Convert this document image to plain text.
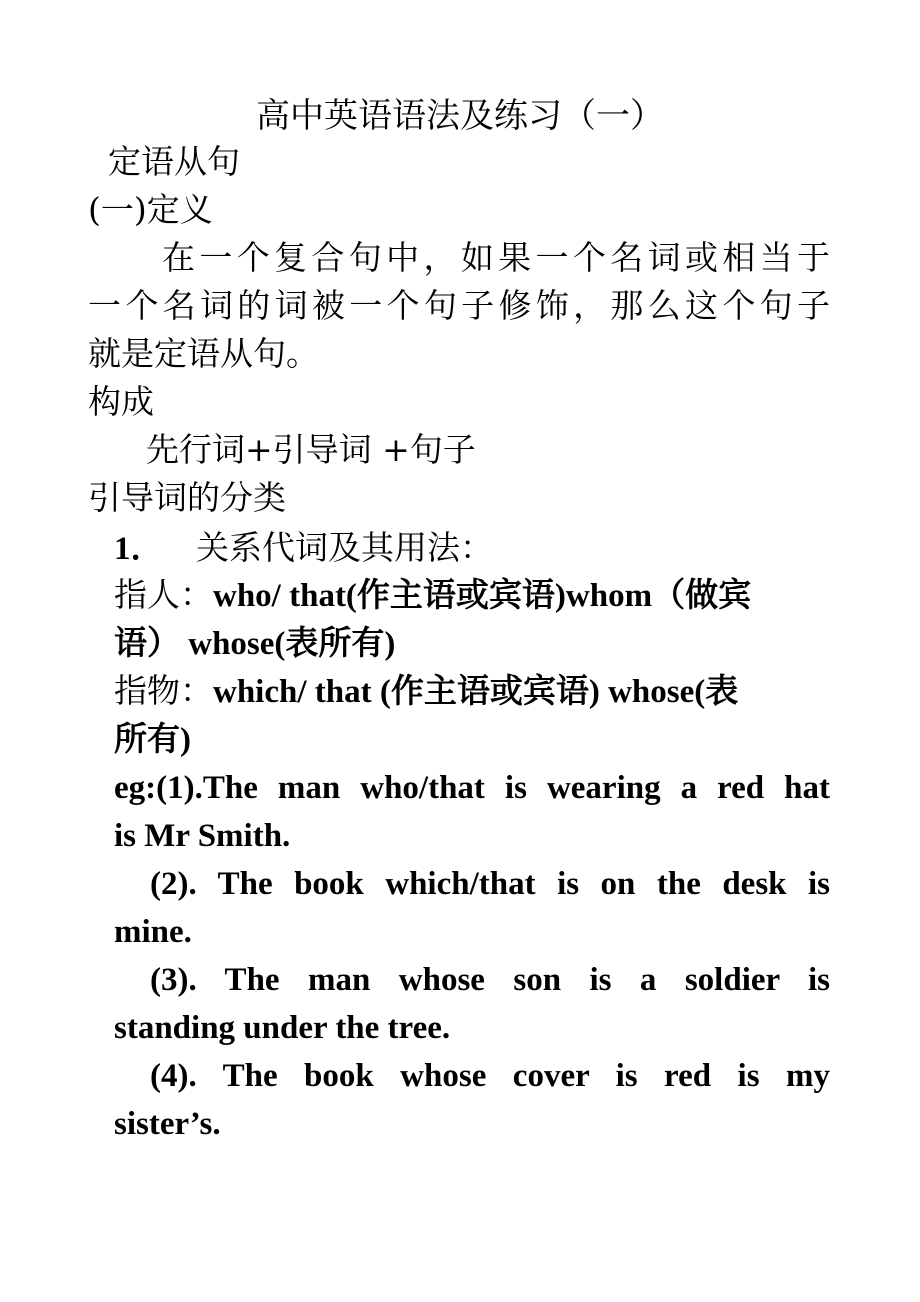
高中英语语法及练习（一）
定语从句
(一)定义
在一个复合句中，如果一个名词或相当于
一个名词的词被一个句子修饰，那么这个句子
就是定语从句。
构成
先行词+引导词 +句子
引导词的分类
1． 关系代词及其用法：
指人：who/ that(作主语或宾语)whom（做宾
语） whose(表所有)
指物：which/ that (作主语或宾语) whose(表
所有)
eg:(1).The man who/that is wearing a red hat
is Mr Smith.
(2). The book which/that is on the desk is
mine.
(3). The man whose son is a soldier is
standing under the tree.
(4). The book whose cover is red is my
sister’s.
